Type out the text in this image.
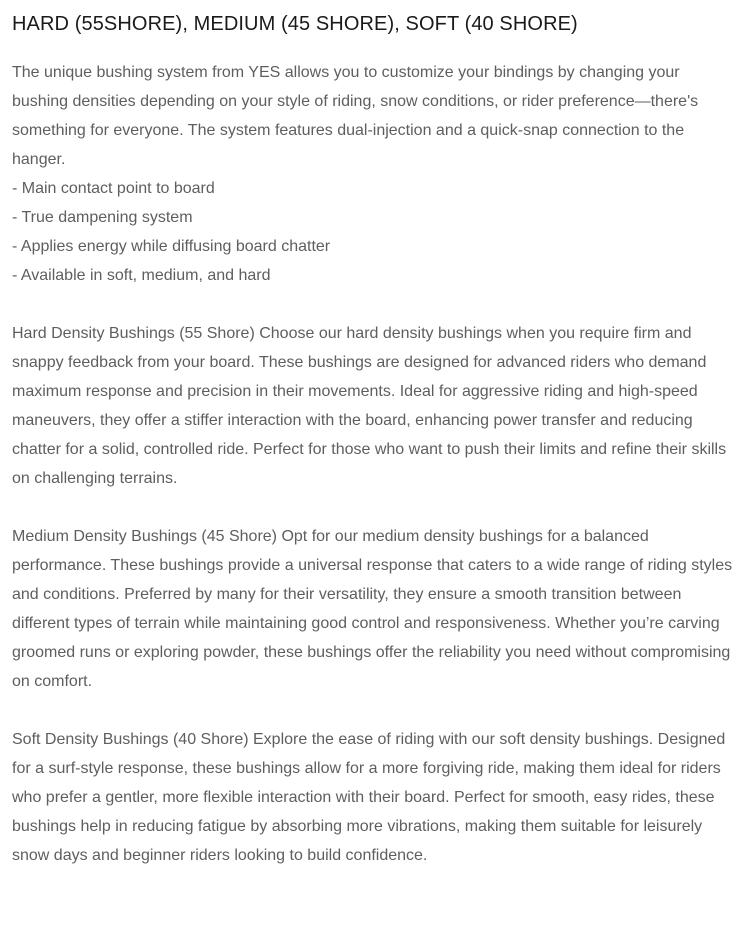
HARD (55SHORE), MEDIUM (45 SHORE), SOFT (40 SHORE)

The unique bushing system from YES allows you to customize your bindings by changing your bushing densities depending on your style of riding, snow conditions, or rider preference—there's something for everyone. The system features dual-injection and a quick-snap connection to the hanger.

- Main contact point to board

- True dampening system

- Applies energy while diffusing board chatter

- Available in soft, medium, and hard

Hard Density Bushings (55 Shore) Choose our hard density bushings when you require firm and snappy feedback from your board. These bushings are designed for advanced riders who demand maximum response and precision in their movements. Ideal for aggressive riding and high-speed maneuvers, they offer a stiffer interaction with the board, enhancing power transfer and reducing chatter for a solid, controlled ride. Perfect for those who want to push their limits and refine their skills on challenging terrains.

Medium Density Bushings (45 Shore) Opt for our medium density bushings for a balanced performance. These bushings provide a universal response that caters to a wide range of riding styles and conditions. Preferred by many for their versatility, they ensure a smooth transition between different types of terrain while maintaining good control and responsiveness. Whether you’re carving groomed runs or exploring powder, these bushings offer the reliability you need without compromising on comfort.

Soft Density Bushings (40 Shore) Explore the ease of riding with our soft density bushings. Designed for a surf-style response, these bushings allow for a more forgiving ride, making them ideal for riders who prefer a gentler, more flexible interaction with their board. Perfect for smooth, easy rides, these bushings help in reducing fatigue by absorbing more vibrations, making them suitable for leisurely snow days and beginner riders looking to build confidence.
